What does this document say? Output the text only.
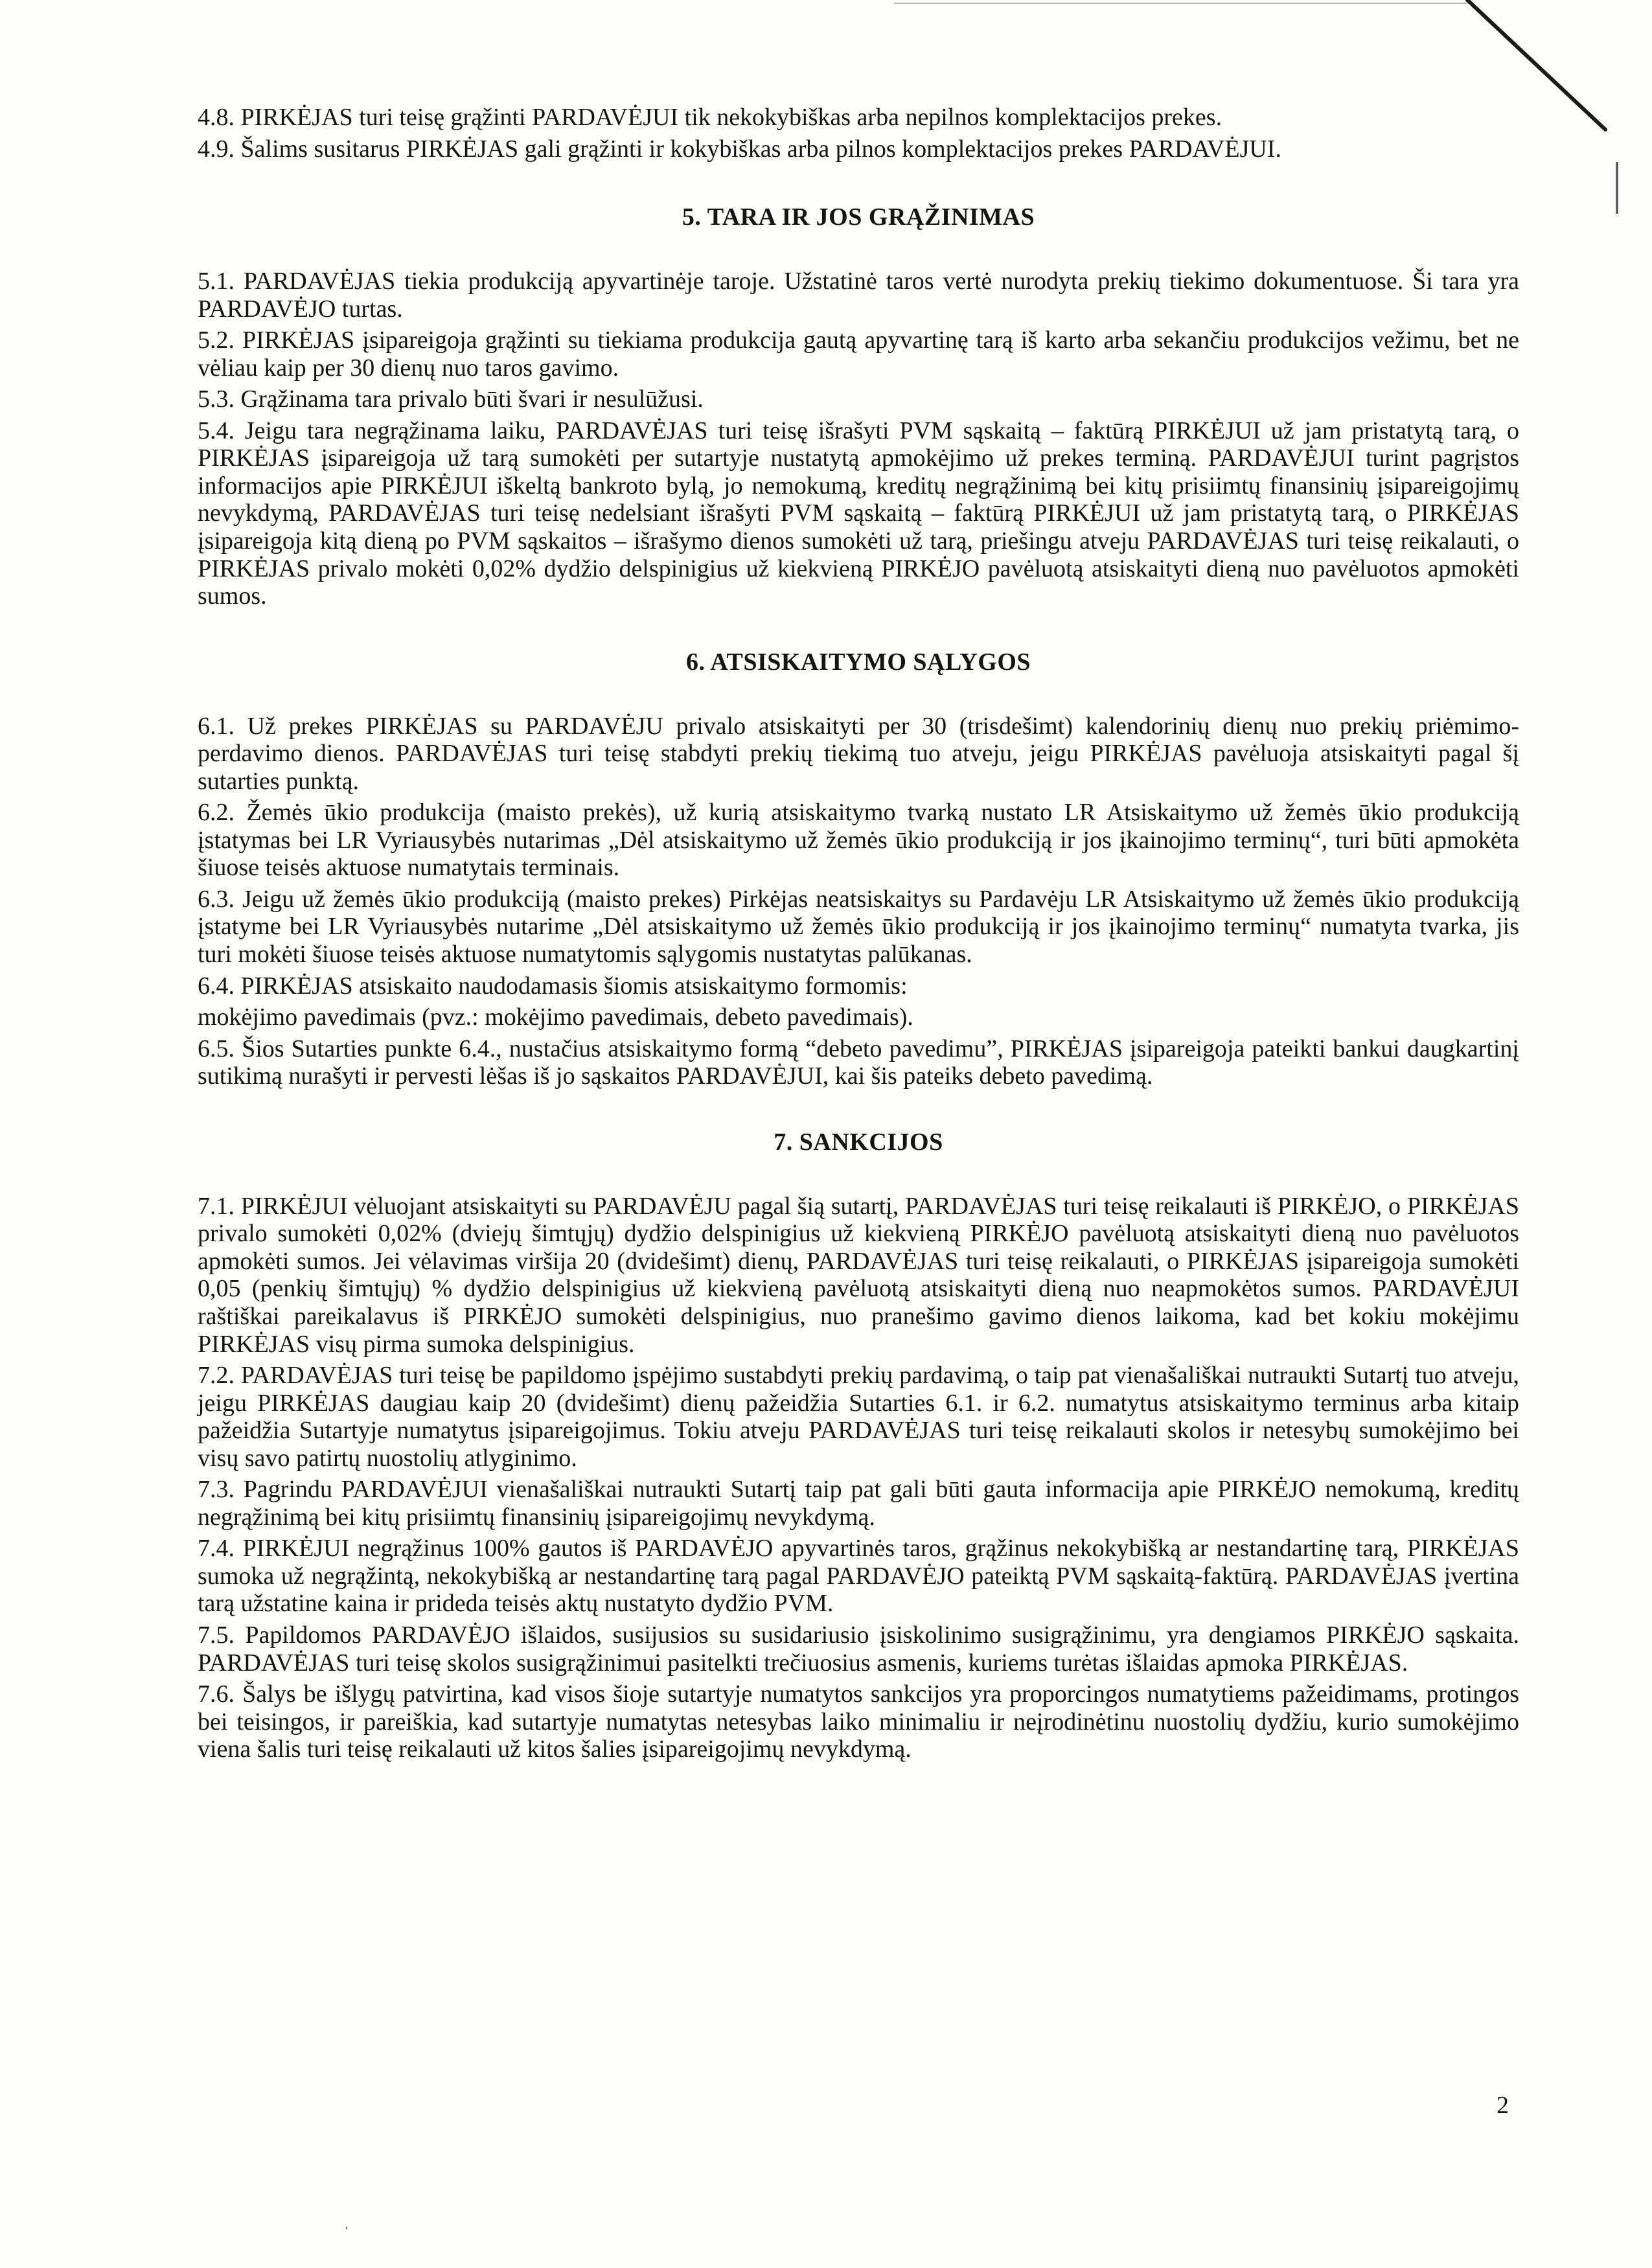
4.8. PIRKĖJAS turi teisę grąžinti PARDAVĖJUI tik nekokybiškas arba nepilnos komplektacijos prekes.
4.9. Šalims susitarus PIRKĖJAS gali grąžinti ir kokybiškas arba pilnos komplektacijos prekes PARDAVĖJUI.
5. TARA IR JOS GRĄŽINIMAS
5.1. PARDAVĖJAS tiekia produkciją apyvartinėje taroje. Užstatinė taros vertė nurodyta prekių tiekimo dokumentuose. Ši tara yra PARDAVĖJO turtas.
5.2. PIRKĖJAS įsipareigoja grąžinti su tiekiama produkcija gautą apyvartinę tarą iš karto arba sekančiu produkcijos vežimu, bet ne vėliau kaip per 30 dienų nuo taros gavimo.
5.3. Grąžinama tara privalo būti švari ir nesulūžusi.
5.4. Jeigu tara negrąžinama laiku, PARDAVĖJAS turi teisę išrašyti PVM sąskaitą – faktūrą PIRKĖJUI už jam pristatytą tarą, o PIRKĖJAS įsipareigoja už tarą sumokėti per sutartyje nustatytą apmokėjimo už prekes terminą. PARDAVĖJUI turint pagrįstos informacijos apie PIRKĖJUI iškeltą bankroto bylą, jo nemokumą, kreditų negrąžinimą bei kitų prisiimtų finansinių įsipareigojimų nevykdymą, PARDAVĖJAS turi teisę nedelsiant išrašyti PVM sąskaitą – faktūrą PIRKĖJUI už jam pristatytą tarą, o PIRKĖJAS įsipareigoja kitą dieną po PVM sąskaitos – išrašymo dienos sumokėti už tarą, priešingu atveju PARDAVĖJAS turi teisę reikalauti, o PIRKĖJAS privalo mokėti 0,02% dydžio delspinigius už kiekvieną PIRKĖJO pavėluotą atsiskaityti dieną nuo pavėluotos apmokėti sumos.
6. ATSISKAITYMO SĄLYGOS
6.1. Už prekes PIRKĖJAS su PARDAVĖJU privalo atsiskaityti per 30 (trisdešimt) kalendorinių dienų nuo prekių priėmimo-perdavimo dienos. PARDAVĖJAS turi teisę stabdyti prekių tiekimą tuo atveju, jeigu PIRKĖJAS pavėluoja atsiskaityti pagal šį sutarties punktą.
6.2. Žemės ūkio produkcija (maisto prekės), už kurią atsiskaitymo tvarką nustato LR Atsiskaitymo už žemės ūkio produkciją įstatymas bei LR Vyriausybės nutarimas „Dėl atsiskaitymo už žemės ūkio produkciją ir jos įkainojimo terminų“, turi būti apmokėta šiuose teisės aktuose numatytais terminais.
6.3. Jeigu už žemės ūkio produkciją (maisto prekes) Pirkėjas neatsiskaitys su Pardavėju LR Atsiskaitymo už žemės ūkio produkciją įstatyme bei LR Vyriausybės nutarime „Dėl atsiskaitymo už žemės ūkio produkciją ir jos įkainojimo terminų“ numatyta tvarka, jis turi mokėti šiuose teisės aktuose numatytomis sąlygomis nustatytas palūkanas.
6.4. PIRKĖJAS atsiskaito naudodamasis šiomis atsiskaitymo formomis:
mokėjimo pavedimais (pvz.: mokėjimo pavedimais, debeto pavedimais).
6.5. Šios Sutarties punkte 6.4., nustačius atsiskaitymo formą “debeto pavedimu”, PIRKĖJAS įsipareigoja pateikti bankui daugkartinį sutikimą nurašyti ir pervesti lėšas iš jo sąskaitos PARDAVĖJUI, kai šis pateiks debeto pavedimą.
7. SANKCIJOS
7.1. PIRKĖJUI vėluojant atsiskaityti su PARDAVĖJU pagal šią sutartį, PARDAVĖJAS turi teisę reikalauti iš PIRKĖJO, o PIRKĖJAS privalo sumokėti 0,02% (dviejų šimtųjų) dydžio delspinigius už kiekvieną PIRKĖJO pavėluotą atsiskaityti dieną nuo pavėluotos apmokėti sumos. Jei vėlavimas viršija 20 (dvidešimt) dienų, PARDAVĖJAS turi teisę reikalauti, o PIRKĖJAS įsipareigoja sumokėti 0,05 (penkių šimtųjų) % dydžio delspinigius už kiekvieną pavėluotą atsiskaityti dieną nuo neapmokėtos sumos. PARDAVĖJUI raštiškai pareikalavus iš PIRKĖJO sumokėti delspinigius, nuo pranešimo gavimo dienos laikoma, kad bet kokiu mokėjimu PIRKĖJAS visų pirma sumoka delspinigius.
7.2. PARDAVĖJAS turi teisę be papildomo įspėjimo sustabdyti prekių pardavimą, o taip pat vienašališkai nutraukti Sutartį tuo atveju, jeigu PIRKĖJAS daugiau kaip 20 (dvidešimt) dienų pažeidžia Sutarties 6.1. ir 6.2. numatytus atsiskaitymo terminus arba kitaip pažeidžia Sutartyje numatytus įsipareigojimus. Tokiu atveju PARDAVĖJAS turi teisę reikalauti skolos ir netesybų sumokėjimo bei visų savo patirtų nuostolių atlyginimo.
7.3. Pagrindu PARDAVĖJUI vienašališkai nutraukti Sutartį taip pat gali būti gauta informacija apie PIRKĖJO nemokumą, kreditų negrąžinimą bei kitų prisiimtų finansinių įsipareigojimų nevykdymą.
7.4. PIRKĖJUI negrąžinus 100% gautos iš PARDAVĖJO apyvartinės taros, grąžinus nekokybišką ar nestandartinę tarą, PIRKĖJAS sumoka už negrąžintą, nekokybišką ar nestandartinę tarą pagal PARDAVĖJO pateiktą PVM sąskaitą-faktūrą. PARDAVĖJAS įvertina tarą užstatine kaina ir prideda teisės aktų nustatyto dydžio PVM.
7.5. Papildomos PARDAVĖJO išlaidos, susijusios su susidariusio įsiskolinimo susigrąžinimu, yra dengiamos PIRKĖJO sąskaita. PARDAVĖJAS turi teisę skolos susigrąžinimui pasitelkti trečiuosius asmenis, kuriems turėtas išlaidas apmoka PIRKĖJAS.
7.6. Šalys be išlygų patvirtina, kad visos šioje sutartyje numatytos sankcijos yra proporcingos numatytiems pažeidimams, protingos bei teisingos, ir pareiškia, kad sutartyje numatytas netesybas laiko minimaliu ir neįrodinėtinu nuostolių dydžiu, kurio sumokėjimo viena šalis turi teisę reikalauti už kitos šalies įsipareigojimų nevykdymą.
2
ˌ
